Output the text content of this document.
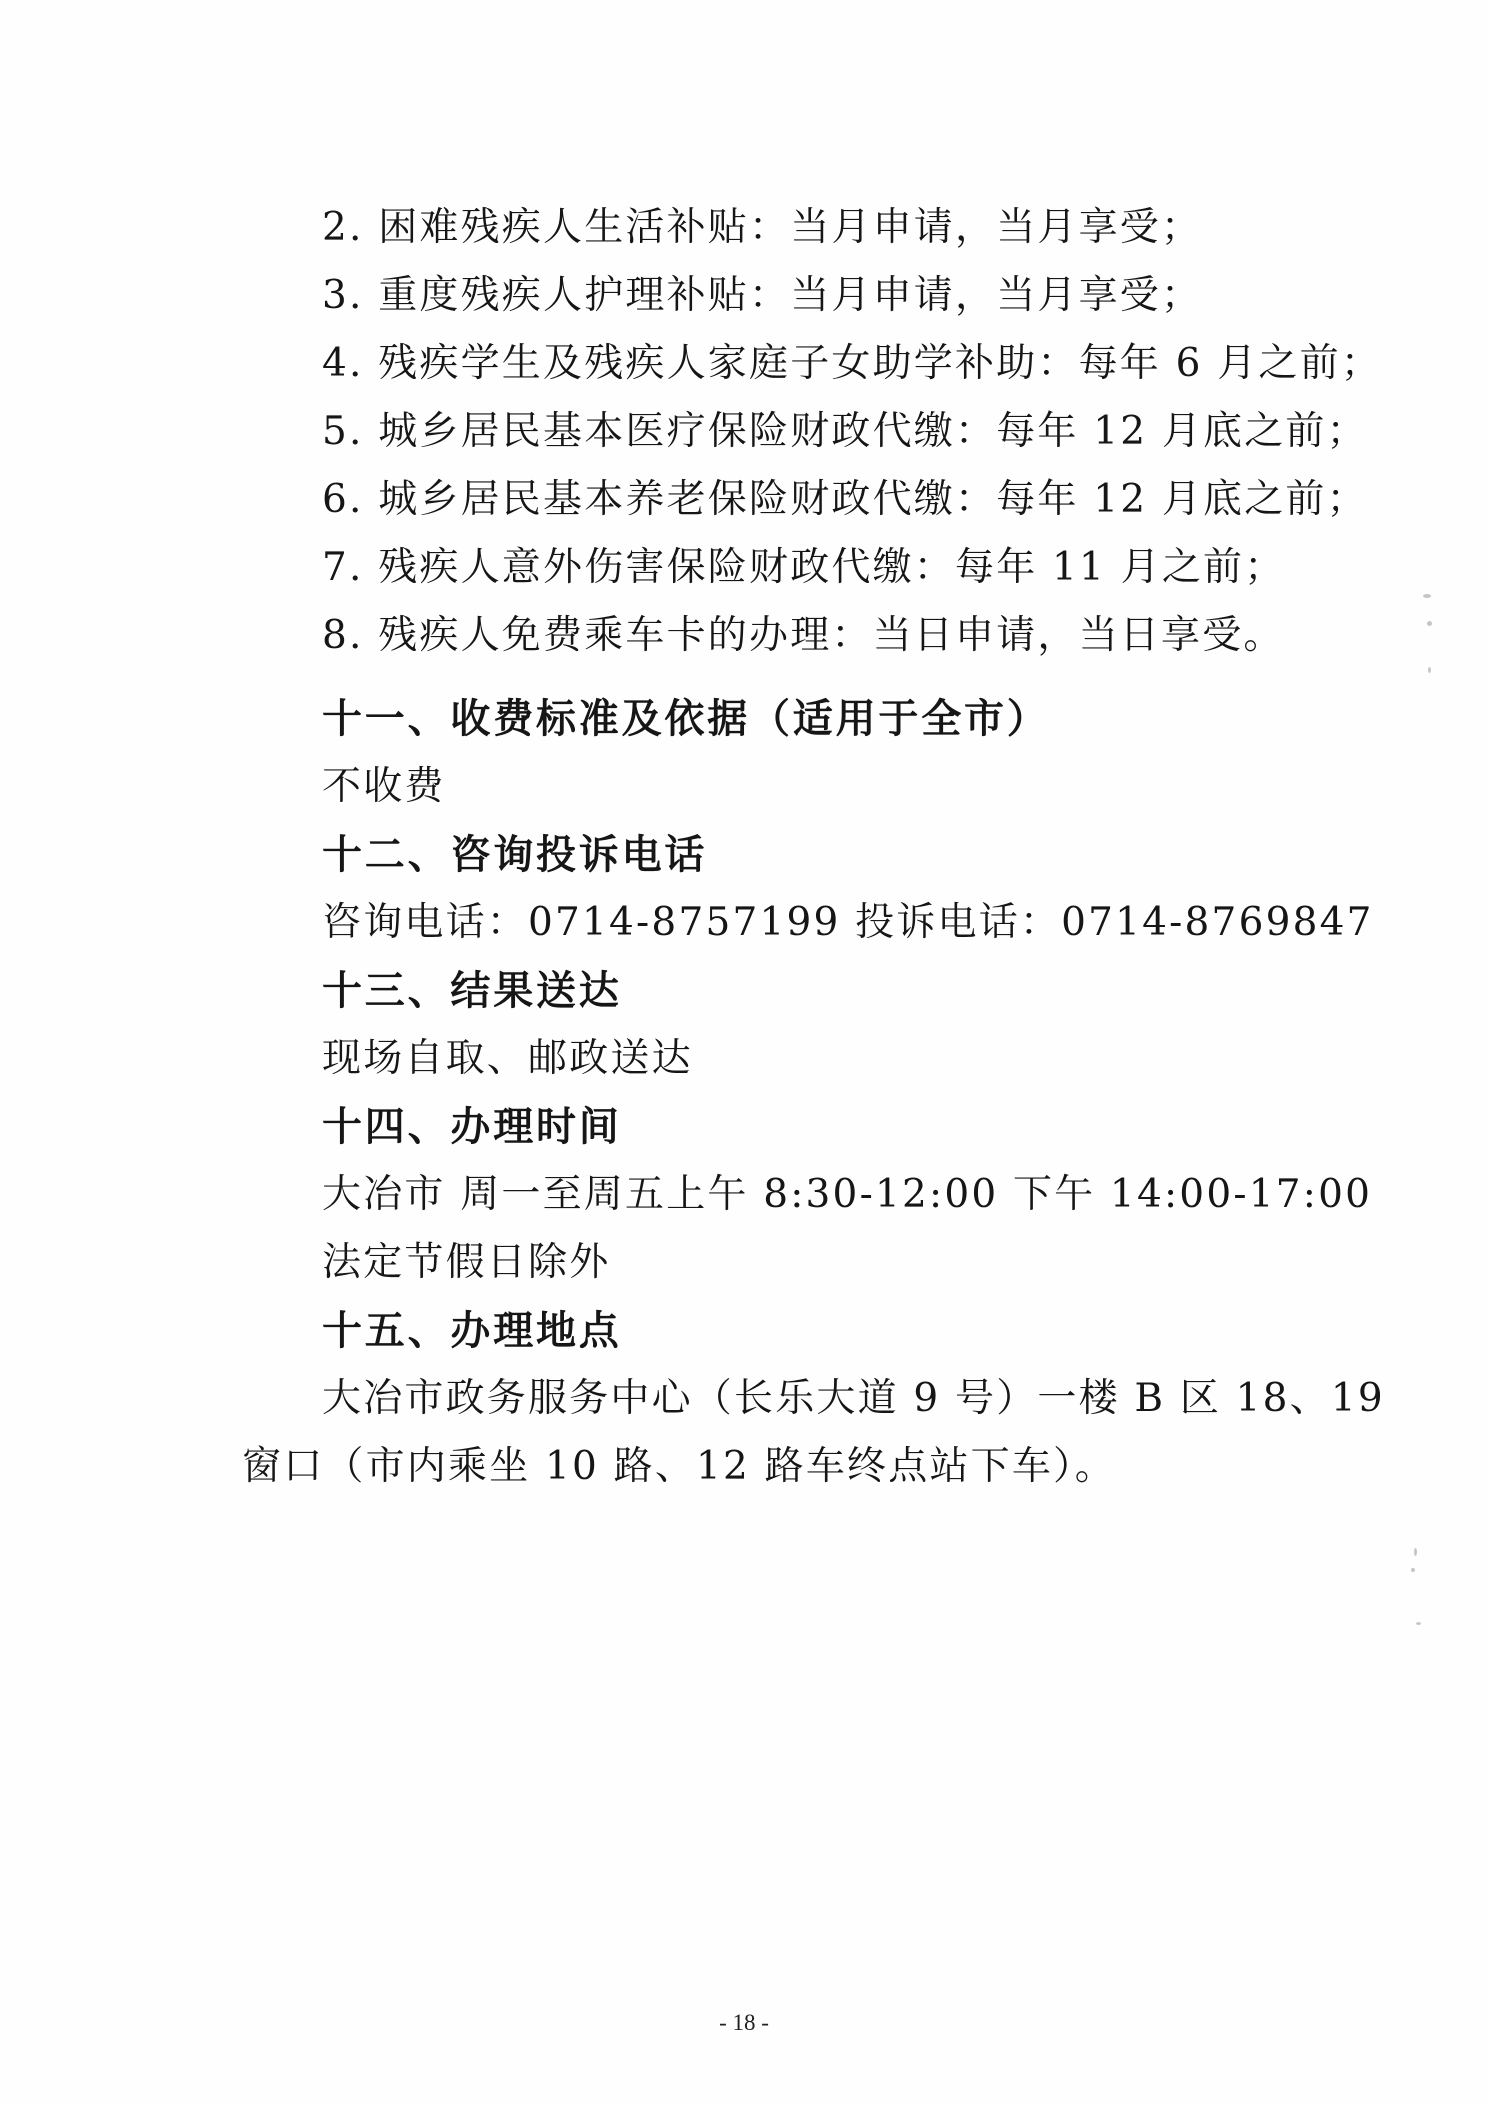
2. 困难残疾人生活补贴：当月申请，当月享受；

3. 重度残疾人护理补贴：当月申请，当月享受；

4. 残疾学生及残疾人家庭子女助学补助：每年 6 月之前；

5. 城乡居民基本医疗保险财政代缴：每年 12 月底之前；

6. 城乡居民基本养老保险财政代缴：每年 12 月底之前；

7. 残疾人意外伤害保险财政代缴：每年 11 月之前；

8. 残疾人免费乘车卡的办理：当日申请，当日享受。

十一、收费标准及依据（适用于全市）

不收费

十二、咨询投诉电话

咨询电话：0714-8757199 投诉电话：0714-8769847

十三、结果送达

现场自取、邮政送达

十四、办理时间

大冶市 周一至周五上午 8:30-12:00 下午 14:00-17:00

法定节假日除外

十五、办理地点

大冶市政务服务中心（长乐大道 9 号）一楼 B 区 18、19

窗口（市内乘坐 10 路、12 路车终点站下车）。

- 18 -
